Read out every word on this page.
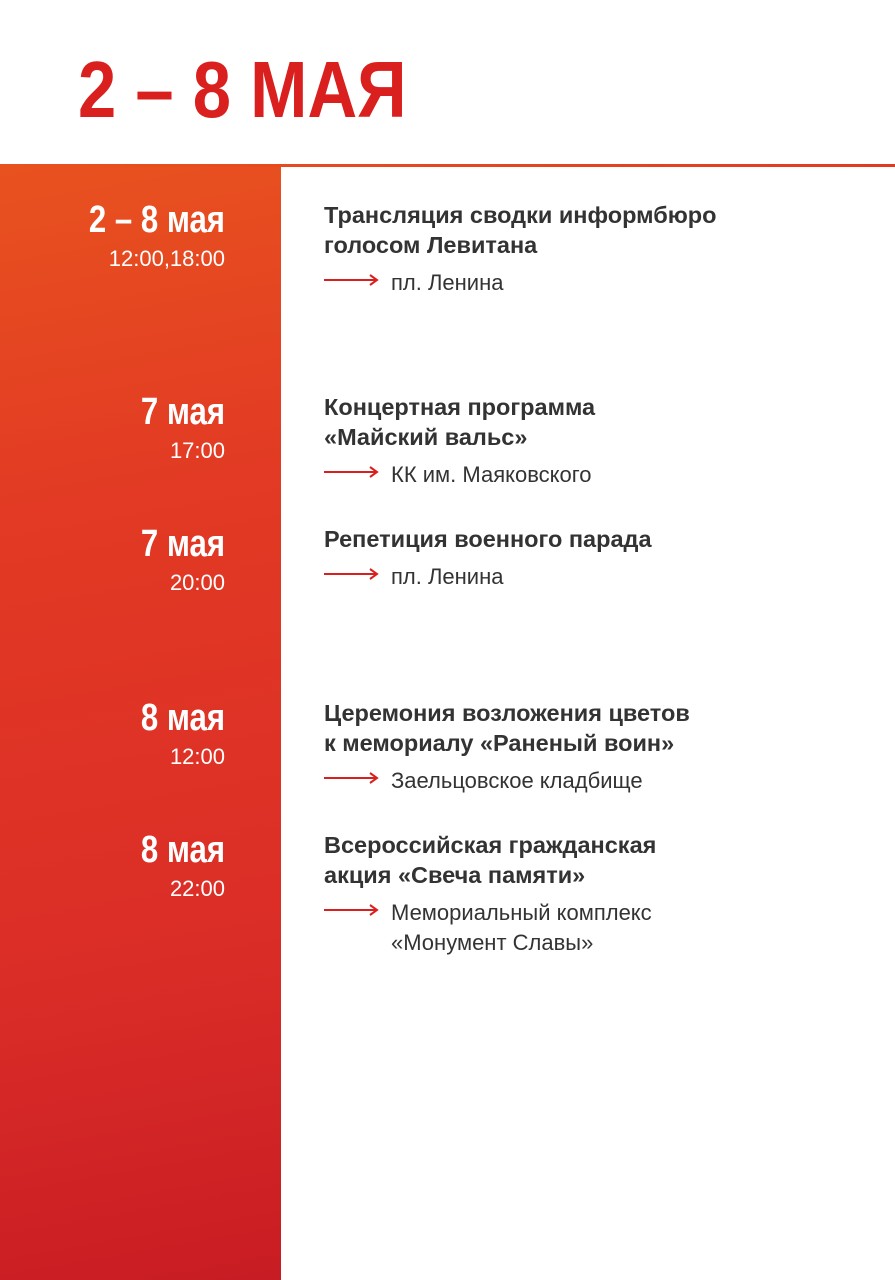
2 – 8 МАЯ
2 – 8 мая
12:00,18:00

Трансляция сводки информбюро
голосом Левитана

пл. Ленина
7 мая
17:00

Концертная программа
«Майский вальс»

КК им. Маяковского
7 мая
20:00

Репетиция военного парада

пл. Ленина
8 мая
12:00

Церемония возложения цветов
к мемориалу «Раненый воин»

Заельцовское кладбище
8 мая
22:00

Всероссийская гражданская
акция «Свеча памяти»

Мемориальный комплекс
«Монумент Славы»
